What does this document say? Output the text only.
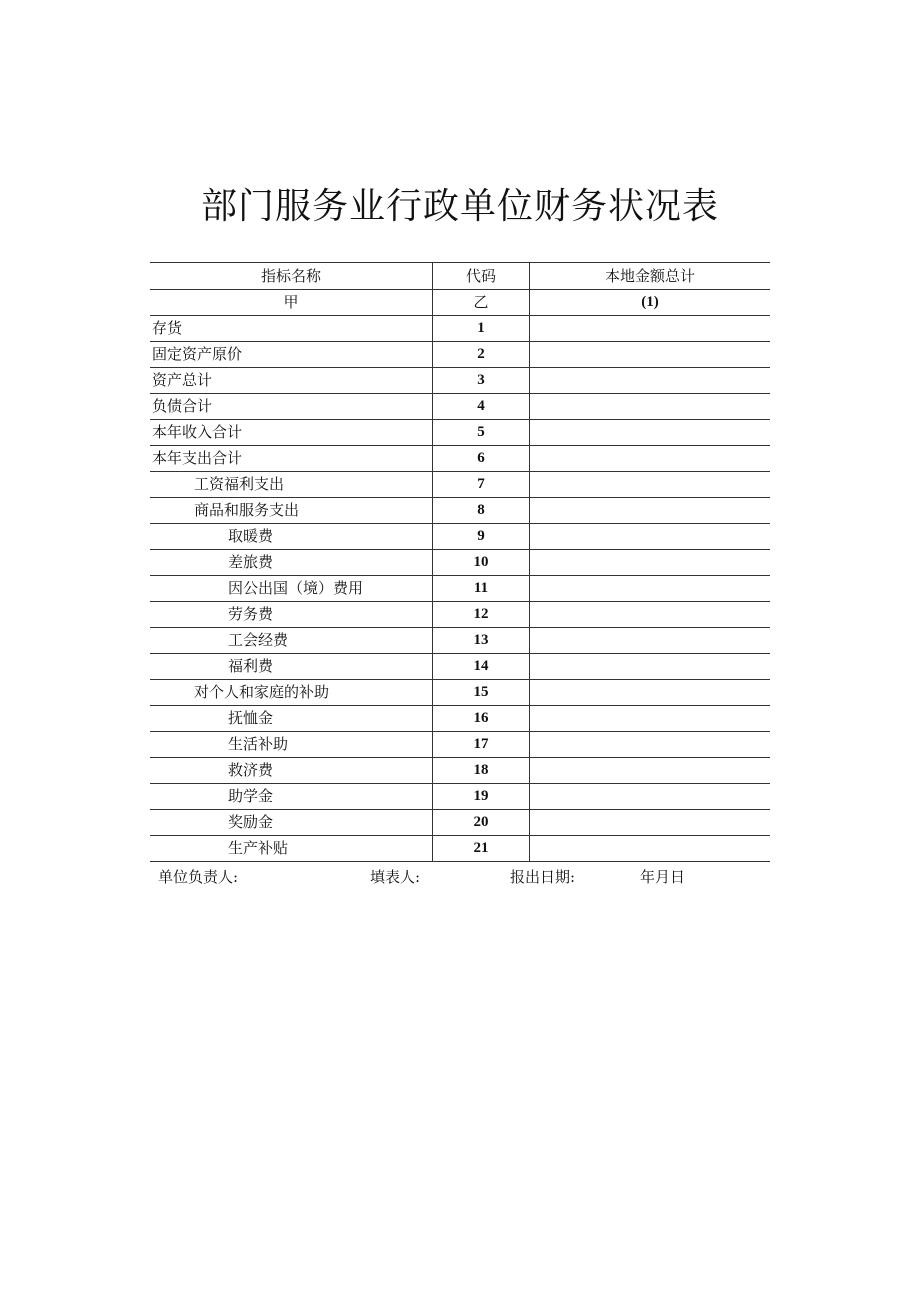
部门服务业行政单位财务状况表
指标名称	代码	本地金额总计
甲	乙	(1)
存货	1	
固定资产原价	2	
资产总计	3	
负债合计	4	
本年收入合计	5	
本年支出合计	6	
工资福利支出	7	
商品和服务支出	8	
取暖费	9	
差旅费	10	
因公出国（境）费用	11	
劳务费	12	
工会经费	13	
福利费	14	
对个人和家庭的补助	15	
抚恤金	16	
生活补助	17	
救济费	18	
助学金	19	
奖励金	20	
生产补贴	21	
单位负责人:	填表人:	报出日期:	年月日
